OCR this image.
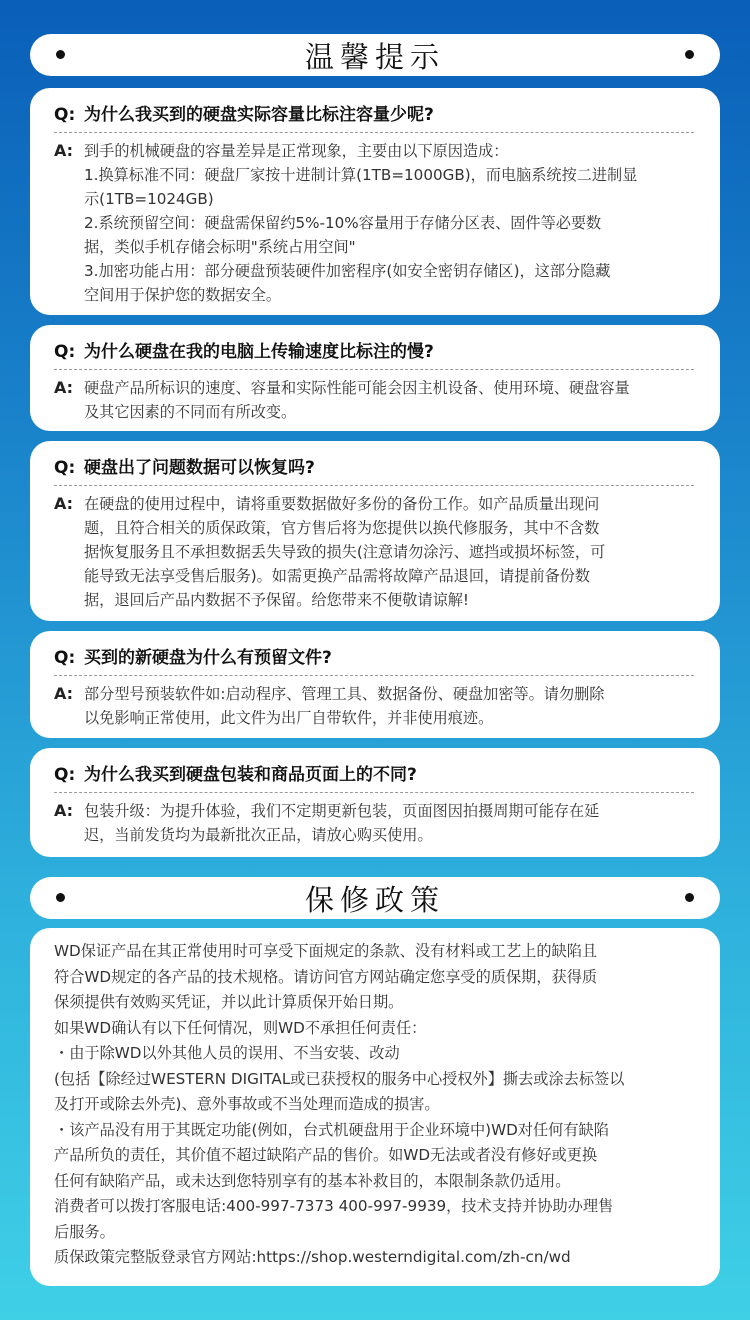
温馨提示
Q: 为什么我买到的硬盘实际容量比标注容量少呢?
A: 到手的机械硬盘的容量差异是正常现象，主要由以下原因造成：
1.换算标准不同：硬盘厂家按十进制计算(1TB=1000GB)，而电脑系统按二进制显
示(1TB=1024GB)
2.系统预留空间：硬盘需保留约5%-10%容量用于存储分区表、固件等必要数
据，类似手机存储会标明"系统占用空间"
3.加密功能占用：部分硬盘预装硬件加密程序(如安全密钥存储区)，这部分隐藏
空间用于保护您的数据安全。
Q: 为什么硬盘在我的电脑上传输速度比标注的慢?
A: 硬盘产品所标识的速度、容量和实际性能可能会因主机设备、使用环境、硬盘容量
及其它因素的不同而有所改变。
Q: 硬盘出了问题数据可以恢复吗?
A: 在硬盘的使用过程中，请将重要数据做好多份的备份工作。如产品质量出现问
题，且符合相关的质保政策，官方售后将为您提供以换代修服务，其中不含数
据恢复服务且不承担数据丢失导致的损失(注意请勿涂污、遮挡或损坏标签，可
能导致无法享受售后服务)。如需更换产品需将故障产品退回，请提前备份数
据，退回后产品内数据不予保留。给您带来不便敬请谅解!
Q: 买到的新硬盘为什么有预留文件?
A: 部分型号预装软件如:启动程序、管理工具、数据备份、硬盘加密等。请勿删除
以免影响正常使用，此文件为出厂自带软件，并非使用痕迹。
Q: 为什么我买到硬盘包装和商品页面上的不同?
A: 包装升级：为提升体验，我们不定期更新包装，页面图因拍摄周期可能存在延
迟，当前发货均为最新批次正品，请放心购买使用。
保修政策
WD保证产品在其正常使用时可享受下面规定的条款、没有材料或工艺上的缺陷且
符合WD规定的各产品的技术规格。请访问官方网站确定您享受的质保期，获得质
保须提供有效购买凭证，并以此计算质保开始日期。
如果WD确认有以下任何情况，则WD不承担任何责任：
・由于除WD以外其他人员的误用、不当安装、改动
(包括【除经过WESTERN DIGITAL或已获授权的服务中心授权外】撕去或涂去标签以
及打开或除去外壳)、意外事故或不当处理而造成的损害。
・该产品没有用于其既定功能(例如，台式机硬盘用于企业环境中)WD对任何有缺陷
产品所负的责任，其价值不超过缺陷产品的售价。如WD无法或者没有修好或更换
任何有缺陷产品，或未达到您特别享有的基本补救目的，本限制条款仍适用。
消费者可以拨打客服电话:400-997-7373 400-997-9939，技术支持并协助办理售
后服务。
质保政策完整版登录官方网站:https://shop.westerndigital.com/zh-cn/wd
